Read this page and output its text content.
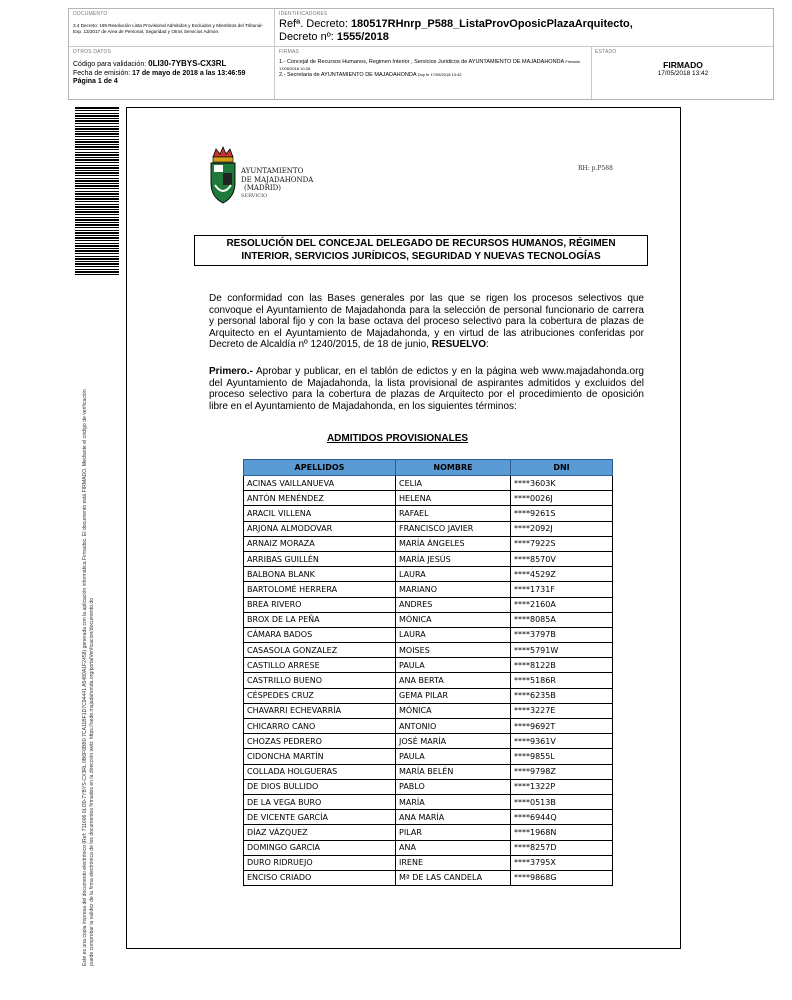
DOCUMENTO
3.4 Decreto: 169 Resolución Lista Provisional Admitidos y Excluidos y Miembros del Tribunal-Exp. 13/2017 de Area de Personal, Seguridad y Otros Servicios Admon.
IDENTIFICADORES
Refª. Decreto: 180517RHnrp_P588_ListaProvOposicPlazaArquitecto,
Decreto nº: 1555/2018
OTROS DATOS
Código para validación: 0LI30-7YBYS-CX3RL
Fecha de emisión: 17 de mayo de 2018 a las 13:46:59
Página 1 de 4
FIRMAS
1.- Concejal de Recursos Humanos, Regimen Interior , Servicios Juridicos de AYUNTAMIENTO DE MAJADAHONDA Firmado 17/05/2018 10:28
2.- Secretaria de AYUNTAMIENTO DE MAJADAHONDA Doy fe 17/05/2018 13:42
ESTADO
FIRMADO
17/05/2018 13:42
Este es una copia impresa del documento electrónico (Ref: 711606 0LI30-7YBYS-CX3RL 0B6F6BB0 7CA11BF1D7C94441 A5480A1F2458) generada con la aplicación informática Firmadoc. El documento está FIRMADO. Mediante el código de verificación puede comprobar la validez de la firma electrónica de los documentos firmados en la dirección web: https://sede.majadahonda.org/portalVerificacion/documento.do
AYUNTAMIENTO
DE MAJADAHONDA
(MADRID)
SERVICIO
RH: p.P588
RESOLUCIÓN DEL CONCEJAL DELEGADO DE RECURSOS HUMANOS, RÉGIMEN
INTERIOR, SERVICIOS JURÍDICOS, SEGURIDAD Y NUEVAS TECNOLOGÍAS
De conformidad con las Bases generales por las que se rigen los procesos selectivos que convoque el Ayuntamiento de Majadahonda para la selección de personal funcionario de carrera y personal laboral fijo y con la base octava del proceso selectivo para la cobertura de plazas de Arquitecto en el Ayuntamiento de Majadahonda, y en virtud de las atribuciones conferidas por Decreto de Alcaldía nº 1240/2015, de 18 de junio, RESUELVO:
Primero.- Aprobar y publicar, en el tablón de edictos y en la página web www.majadahonda.org del Ayuntamiento de Majadahonda, la lista provisional de aspirantes admitidos y excluidos del proceso selectivo para la cobertura de plazas de Arquitecto por el procedimiento de oposición libre en el Ayuntamiento de Majadahonda, en los siguientes términos:
ADMITIDOS PROVISIONALES
APELLIDOS	NOMBRE	DNI
ACINAS VAILLANUEVA	CELIA	****3603K
ANTÓN MENÉNDEZ	HELENA	****0026J
ARACIL VILLENA	RAFAEL	****9261S
ARJONA ALMODOVAR	FRANCISCO JAVIER	****2092J
ARNAIZ MORAZA	MARÍA ÁNGELES	****7922S
ARRIBAS GUILLÉN	MARÍA JESÚS	****8570V
BALBONA BLANK	LAURA	****4529Z
BARTOLOMÉ HERRERA	MARIANO	****1731F
BREA RIVERO	ANDRES	****2160A
BROX DE LA PEÑA	MÓNICA	****8085A
CÁMARA BADOS	LAURA	****3797B
CASASOLA GONZALEZ	MOISES	****5791W
CASTILLO ARRESE	PAULA	****8122B
CASTRILLO BUENO	ANA BERTA	****5186R
CÉSPEDES CRUZ	GEMA PILAR	****6235B
CHAVARRI ECHEVARRÍA	MÓNICA	****3227E
CHICARRO CANO	ANTONIO	****9692T
CHOZAS PEDRERO	JOSÉ MARÍA	****9361V
CIDONCHA MARTÍN	PAULA	****9855L
COLLADA HOLGUERAS	MARÍA BELÉN	****9798Z
DE DIOS BULLIDO	PABLO	****1322P
DE LA VEGA BURO	MARÍA	****0513B
DE VICENTE GARCÍA	ANA MARÍA	****6944Q
DÍAZ VÁZQUEZ	PILAR	****1968N
DOMINGO GARCIA	ANA	****8257D
DURO RIDRUEJO	IRENE	****3795X
ENCISO CRIADO	Mª DE LAS CANDELA	****9868G
